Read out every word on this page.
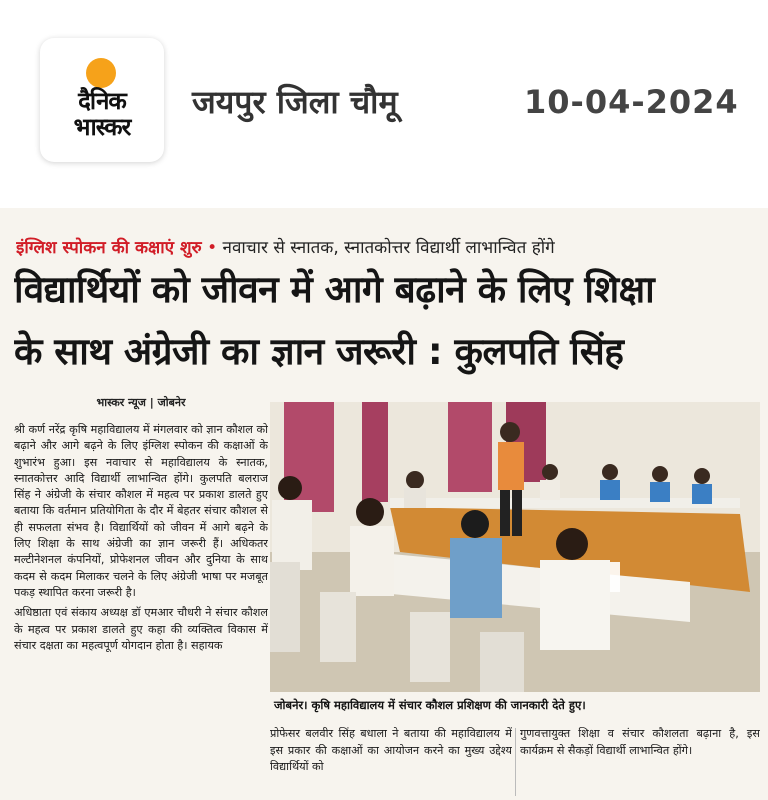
दैनिक
भास्कर
जयपुर जिला चौमू	10-04-2024
इंग्लिश स्पोकन की कक्षाएं शुरु • नवाचार से स्नातक, स्नातकोत्तर विद्यार्थी लाभान्वित होंगे
विद्यार्थियों को जीवन में आगे बढ़ाने के लिए शिक्षा
के साथ अंग्रेजी का ज्ञान जरूरी : कुलपति सिंह
भास्कर न्यूज | जोबनेर

श्री कर्ण नरेंद्र कृषि महाविद्यालय में मंगलवार को ज्ञान कौशल को बढ़ाने और आगे बढ़ने के लिए इंग्लिश स्पोकन की कक्षाओं के शुभारंभ हुआ। इस नवाचार से महाविद्यालय के स्नातक, स्नातकोत्तर आदि विद्यार्थी लाभान्वित होंगे। कुलपति बलराज सिंह ने अंग्रेजी के संचार कौशल में महत्व पर प्रकाश डालते हुए बताया कि वर्तमान प्रतियोगिता के दौर में बेहतर संचार कौशल से ही सफलता संभव है। विद्यार्थियों को जीवन में आगे बढ़ने के लिए शिक्षा के साथ अंग्रेजी का ज्ञान जरूरी हैं। अधिकतर मल्टीनेशनल कंपनियों, प्रोफेशनल जीवन और दुनिया के साथ कदम से कदम मिलाकर चलने के लिए अंग्रेजी भाषा पर मजबूत पकड़ स्थापित करना जरूरी है।

अधिष्ठाता एवं संकाय अध्यक्ष डॉ एमआर चौधरी ने संचार कौशल के महत्व पर प्रकाश डालते हुए कहा की व्यक्तित्व विकास में संचार दक्षता का महत्वपूर्ण योगदान होता है। सहायक

जोबनेर। कृषि महाविद्यालय में संचार कौशल प्रशिक्षण की जानकारी देते हुए।
प्रोफेसर बलवीर सिंह बधाला ने बताया की महाविद्यालय में इस प्रकार की कक्षाओं का आयोजन करने का मुख्य उद्देश्य विद्यार्थियों को
गुणवत्तायुक्त शिक्षा व संचार कौशलता बढ़ाना है, इस कार्यक्रम से सैकड़ों विद्यार्थी लाभान्वित होंगे।
